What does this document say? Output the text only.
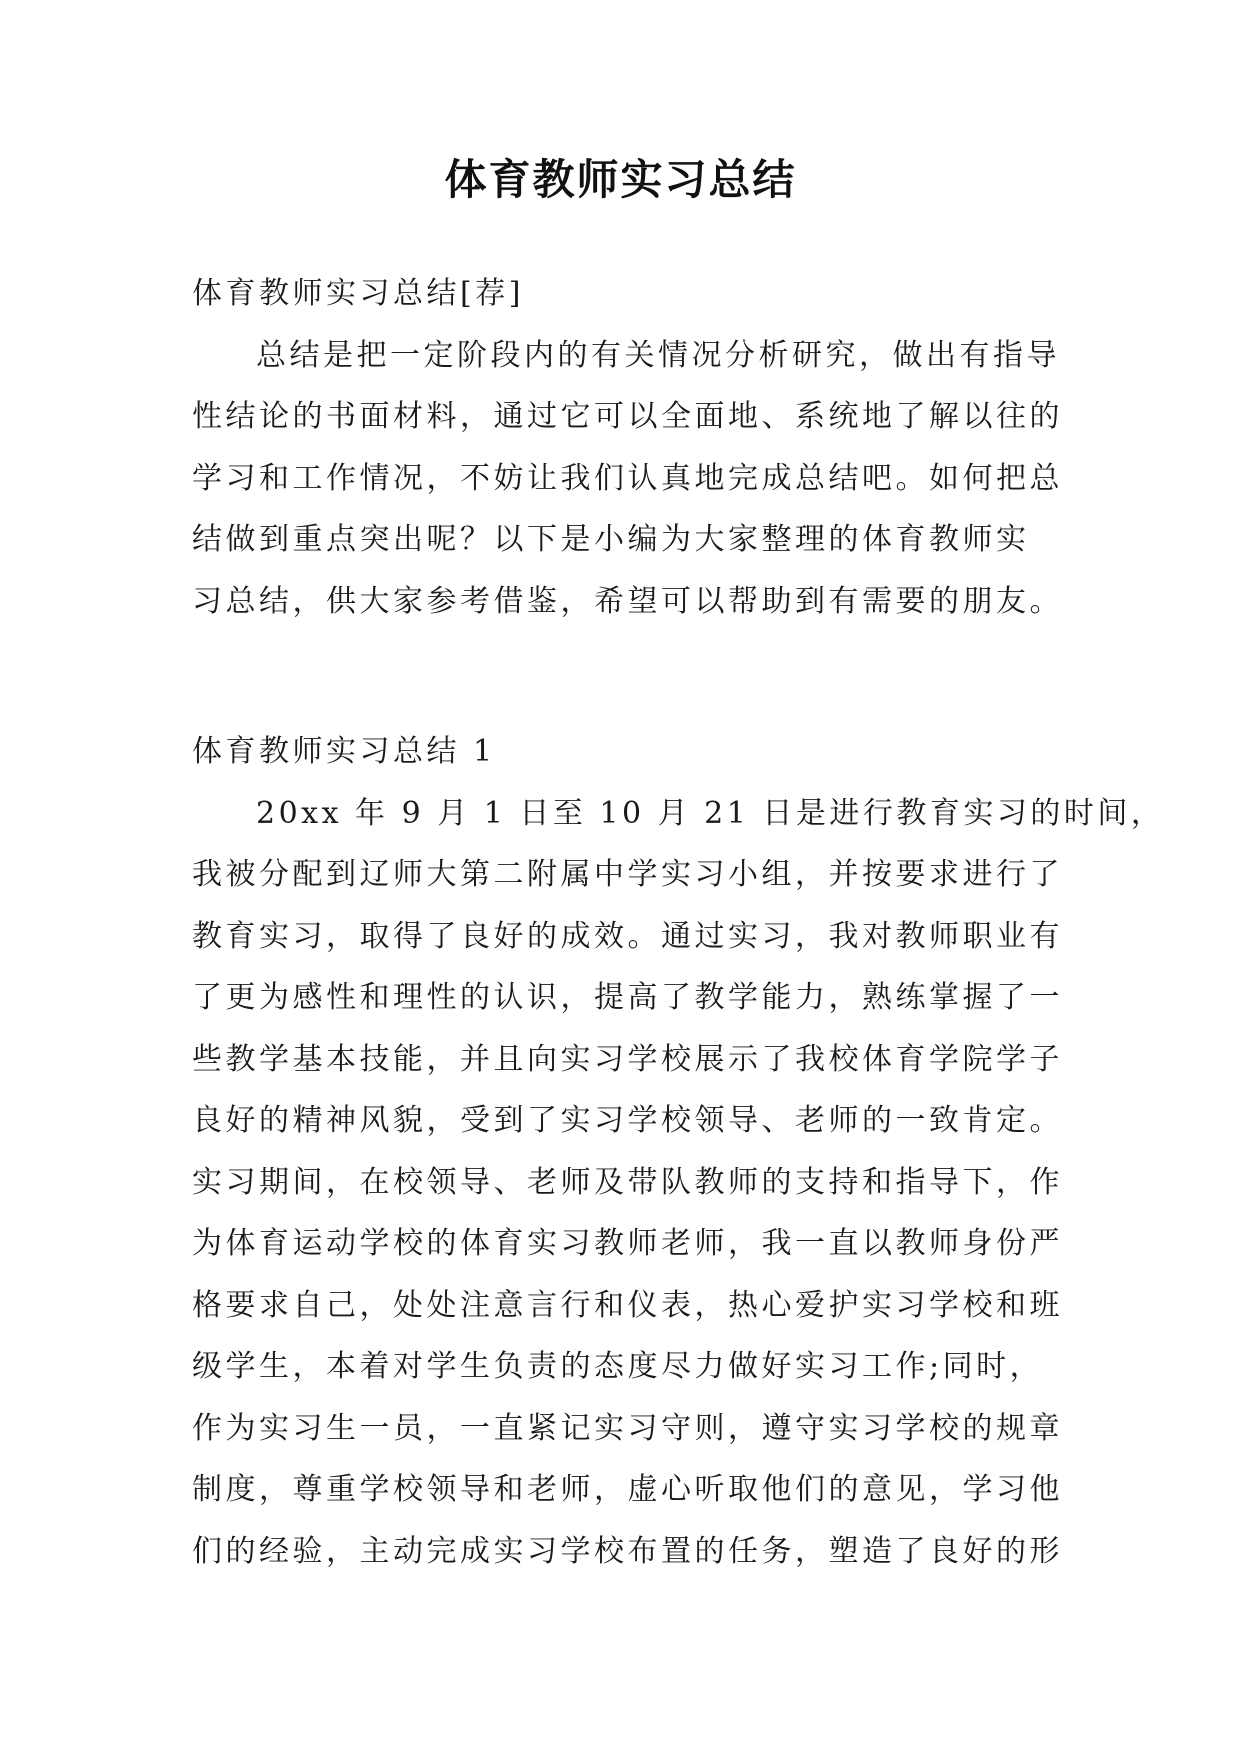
体育教师实习总结
体育教师实习总结[荐]
总结是把一定阶段内的有关情况分析研究，做出有指导
性结论的书面材料，通过它可以全面地、系统地了解以往的
学习和工作情况，不妨让我们认真地完成总结吧。如何把总
结做到重点突出呢？以下是小编为大家整理的体育教师实
习总结，供大家参考借鉴，希望可以帮助到有需要的朋友。
体育教师实习总结 1
20xx 年 9 月 1 日至 10 月 21 日是进行教育实习的时间，
我被分配到辽师大第二附属中学实习小组，并按要求进行了
教育实习，取得了良好的成效。通过实习，我对教师职业有
了更为感性和理性的认识，提高了教学能力，熟练掌握了一
些教学基本技能，并且向实习学校展示了我校体育学院学子
良好的精神风貌，受到了实习学校领导、老师的一致肯定。
实习期间，在校领导、老师及带队教师的支持和指导下，作
为体育运动学校的体育实习教师老师，我一直以教师身份严
格要求自己，处处注意言行和仪表，热心爱护实习学校和班
级学生，本着对学生负责的态度尽力做好实习工作;同时，
作为实习生一员，一直紧记实习守则，遵守实习学校的规章
制度，尊重学校领导和老师，虚心听取他们的意见，学习他
们的经验，主动完成实习学校布置的任务，塑造了良好的形
